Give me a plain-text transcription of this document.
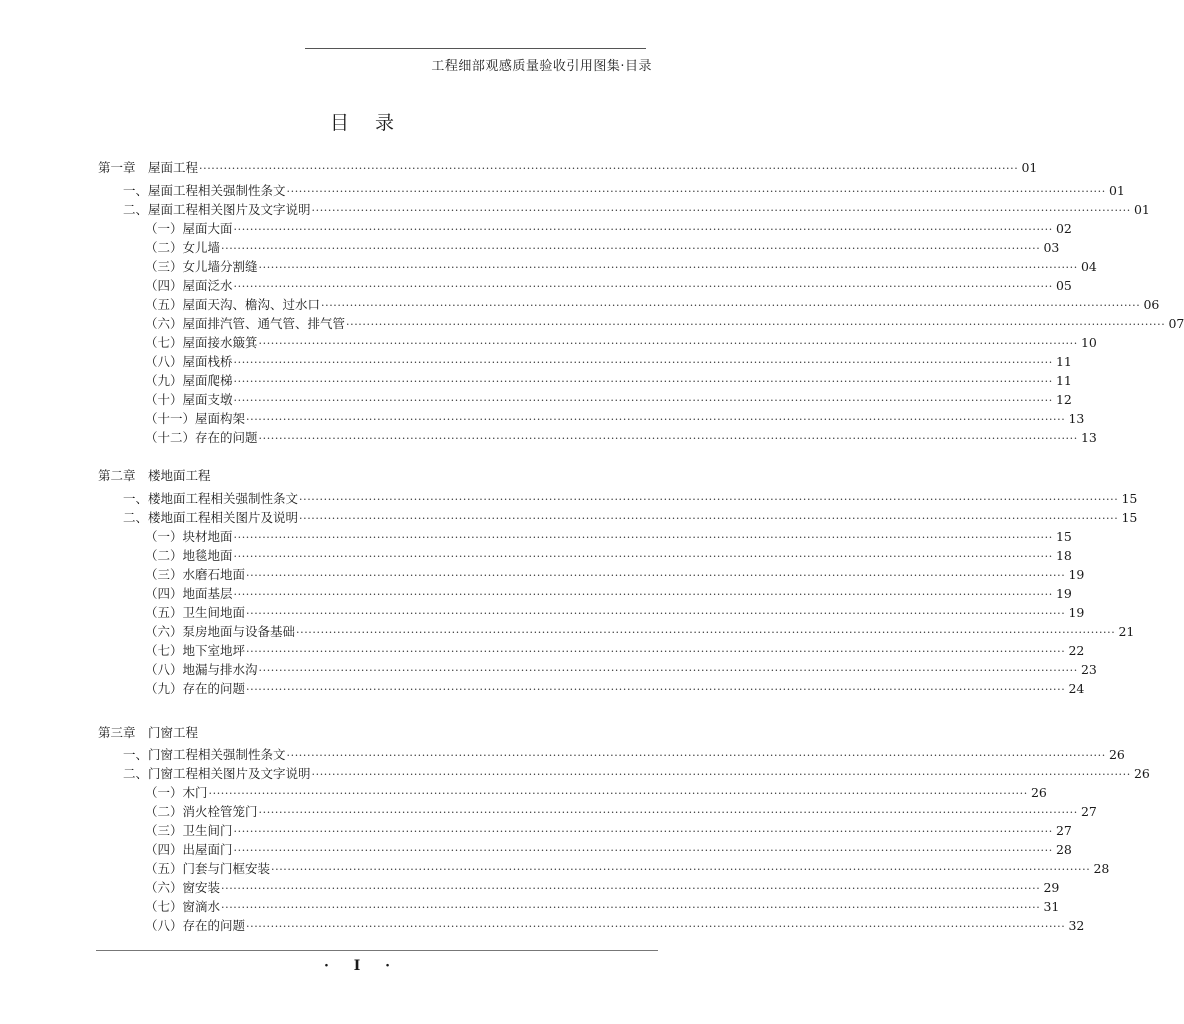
工程细部观感质量验收引用图集·目录
目 录
第一章　屋面工程 ········································································································································································································ 01
一、屋面工程相关强制性条文 ········································································································································································································ 01
二、屋面工程相关图片及文字说明 ········································································································································································································ 01
（一）屋面大面 ········································································································································································································ 02
（二）女儿墙 ········································································································································································································ 03
（三）女儿墙分割缝 ········································································································································································································ 04
（四）屋面泛水 ········································································································································································································ 05
（五）屋面天沟、檐沟、过水口 ········································································································································································································ 06
（六）屋面排汽管、通气管、排气管 ········································································································································································································ 07
（七）屋面接水簸箕 ········································································································································································································ 10
（八）屋面栈桥 ········································································································································································································ 11
（九）屋面爬梯 ········································································································································································································ 11
（十）屋面支墩 ········································································································································································································ 12
（十一）屋面构架 ········································································································································································································ 13
（十二）存在的问题 ········································································································································································································ 13
第二章　楼地面工程
一、楼地面工程相关强制性条文 ········································································································································································································ 15
二、楼地面工程相关图片及说明 ········································································································································································································ 15
（一）块材地面 ········································································································································································································ 15
（二）地毯地面 ········································································································································································································ 18
（三）水磨石地面 ········································································································································································································ 19
（四）地面基层 ········································································································································································································ 19
（五）卫生间地面 ········································································································································································································ 19
（六）泵房地面与设备基础 ········································································································································································································ 21
（七）地下室地坪 ········································································································································································································ 22
（八）地漏与排水沟 ········································································································································································································ 23
（九）存在的问题 ········································································································································································································ 24
第三章　门窗工程
一、门窗工程相关强制性条文 ········································································································································································································ 26
二、门窗工程相关图片及文字说明 ········································································································································································································ 26
（一）木门 ········································································································································································································ 26
（二）消火栓管笼门 ········································································································································································································ 27
（三）卫生间门 ········································································································································································································ 27
（四）出屋面门 ········································································································································································································ 28
（五）门套与门框安装 ········································································································································································································ 28
（六）窗安装 ········································································································································································································ 29
（七）窗滴水 ········································································································································································································ 31
（八）存在的问题 ········································································································································································································ 32
· I ·
